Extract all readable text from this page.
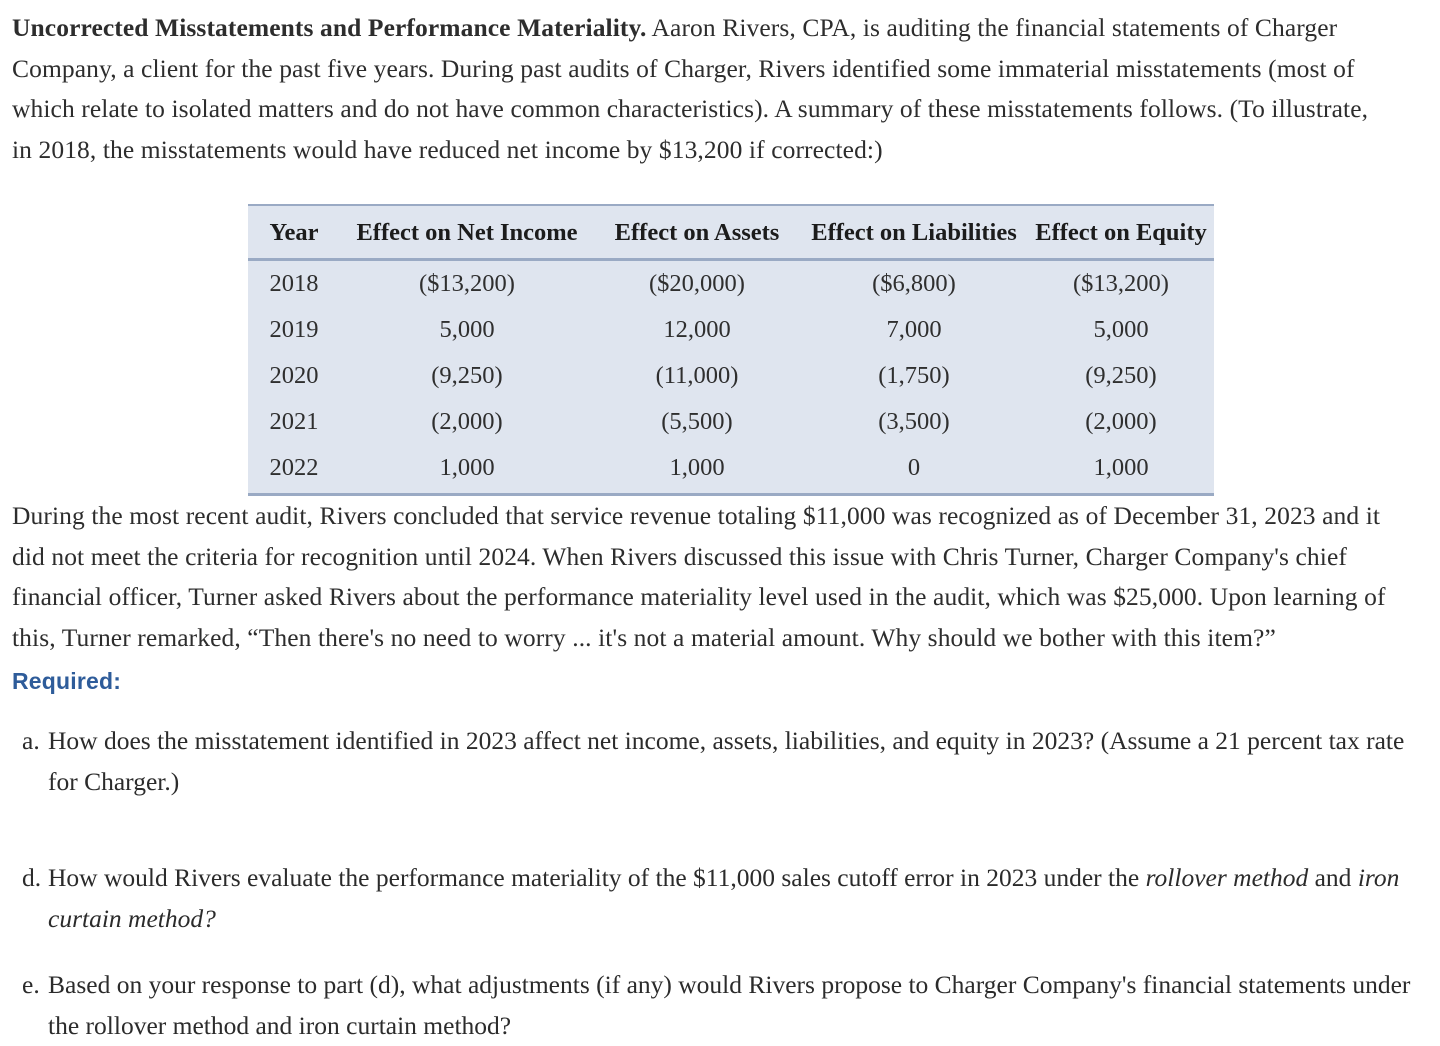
Uncorrected Misstatements and Performance Materiality. Aaron Rivers, CPA, is auditing the financial statements of Charger Company, a client for the past five years. During past audits of Charger, Rivers identified some immaterial misstatements (most of which relate to isolated matters and do not have common characteristics). A summary of these misstatements follows. (To illustrate, in 2018, the misstatements would have reduced net income by $13,200 if corrected:)

Year	Effect on Net Income	Effect on Assets	Effect on Liabilities	Effect on Equity
2018	($13,200)	($20,000)	($6,800)	($13,200)
2019	5,000	12,000	7,000	5,000
2020	(9,250)	(11,000)	(1,750)	(9,250)
2021	(2,000)	(5,500)	(3,500)	(2,000)
2022	1,000	1,000	0	1,000

During the most recent audit, Rivers concluded that service revenue totaling $11,000 was recognized as of December 31, 2023 and it did not meet the criteria for recognition until 2024. When Rivers discussed this issue with Chris Turner, Charger Company's chief financial officer, Turner asked Rivers about the performance materiality level used in the audit, which was $25,000. Upon learning of this, Turner remarked, “Then there's no need to worry ... it's not a material amount. Why should we bother with this item?”

Required:
a. How does the misstatement identified in 2023 affect net income, assets, liabilities, and equity in 2023? (Assume a 21 percent tax rate for Charger.)
d. How would Rivers evaluate the performance materiality of the $11,000 sales cutoff error in 2023 under the rollover method and iron curtain method?
e. Based on your response to part (d), what adjustments (if any) would Rivers propose to Charger Company's financial statements under the rollover method and iron curtain method?
